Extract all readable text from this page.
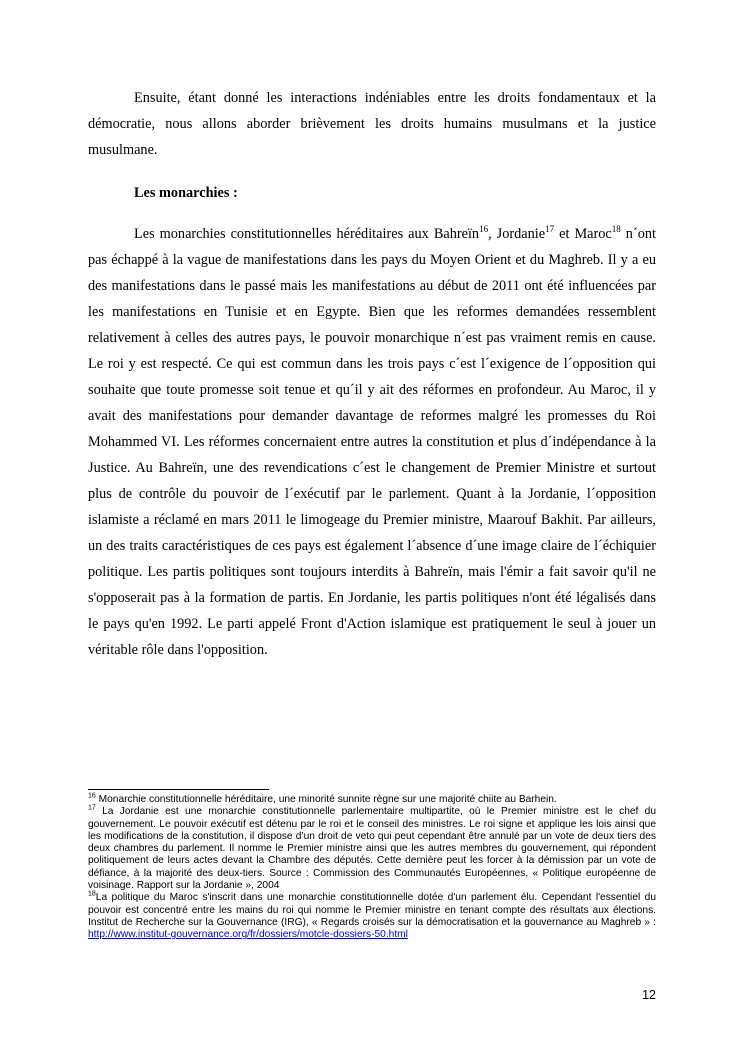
Ensuite, étant donné les interactions indéniables entre les droits fondamentaux et la démocratie, nous allons aborder brièvement les droits humains musulmans et la justice musulmane.

Les monarchies :

Les monarchies constitutionnelles héréditaires aux Bahreïn$^{16}$, Jordanie$^{17}$ et Maroc$^{18}$ n´ont pas échappé à la vague de manifestations dans les pays du Moyen Orient et du Maghreb. Il y a eu des manifestations dans le passé mais les manifestations au début de 2011 ont été influencées par les manifestations en Tunisie et en Egypte. Bien que les reformes demandées ressemblent relativement à celles des autres pays, le pouvoir monarchique n´est pas vraiment remis en cause. Le roi y est respecté. Ce qui est commun dans les trois pays c´est l´exigence de l´opposition qui souhaite que toute promesse soit tenue et qu´il y ait des réformes en profondeur. Au Maroc, il y avait des manifestations pour demander davantage de reformes malgré les promesses du Roi Mohammed VI. Les réformes concernaient entre autres la constitution et plus d´indépendance à la Justice. Au Bahreïn, une des revendications c´est le changement de Premier Ministre et surtout plus de contrôle du pouvoir de l´exécutif par le parlement. Quant à la Jordanie, l´opposition islamiste a réclamé en mars 2011 le limogeage du Premier ministre, Maarouf Bakhit. Par ailleurs, un des traits caractéristiques de ces pays est également l´absence d´une image claire de l´échiquier politique. Les partis politiques sont toujours interdits à Bahreïn, mais l'émir a fait savoir qu'il ne s'opposerait pas à la formation de partis. En Jordanie, les partis politiques n'ont été légalisés dans le pays qu'en 1992. Le parti appelé Front d'Action islamique est pratiquement le seul à jouer un véritable rôle dans l'opposition.

$^{16}$ Monarchie constitutionnelle héréditaire, une minorité sunnite règne sur une majorité chiite au Barhein.

$^{17}$ La Jordanie est une monarchie constitutionnelle parlementaire multipartite, où le Premier ministre est le chef du gouvernement. Le pouvoir exécutif est détenu par le roi et le conseil des ministres. Le roi signe et applique les lois ainsi que les modifications de la constitution, il dispose d’un droit de veto qui peut cependant être annulé par un vote de deux tiers des deux chambres du parlement. Il nomme le Premier ministre ainsi que les autres membres du gouvernement, qui répondent politiquement de leurs actes devant la Chambre des députés. Cette dernière peut les forcer à la démission par un vote de défiance, à la majorité des deux-tiers. Source : Commission des Communautés Européennes, « Politique européenne de voisinage. Rapport sur la Jordanie », 2004

$^{18}$La politique du Maroc s'inscrit dans une monarchie constitutionnelle dotée d'un parlement élu. Cependant l'essentiel du pouvoir est concentré entre les mains du roi qui nomme le Premier ministre en tenant compte des résultats aux élections. Institut de Recherche sur la Gouvernance (IRG), « Regards croisés sur la démocratisation et la gouvernance au Maghreb » : http://www.institut-gouvernance.org/fr/dossiers/motcle-dossiers-50.html

12
